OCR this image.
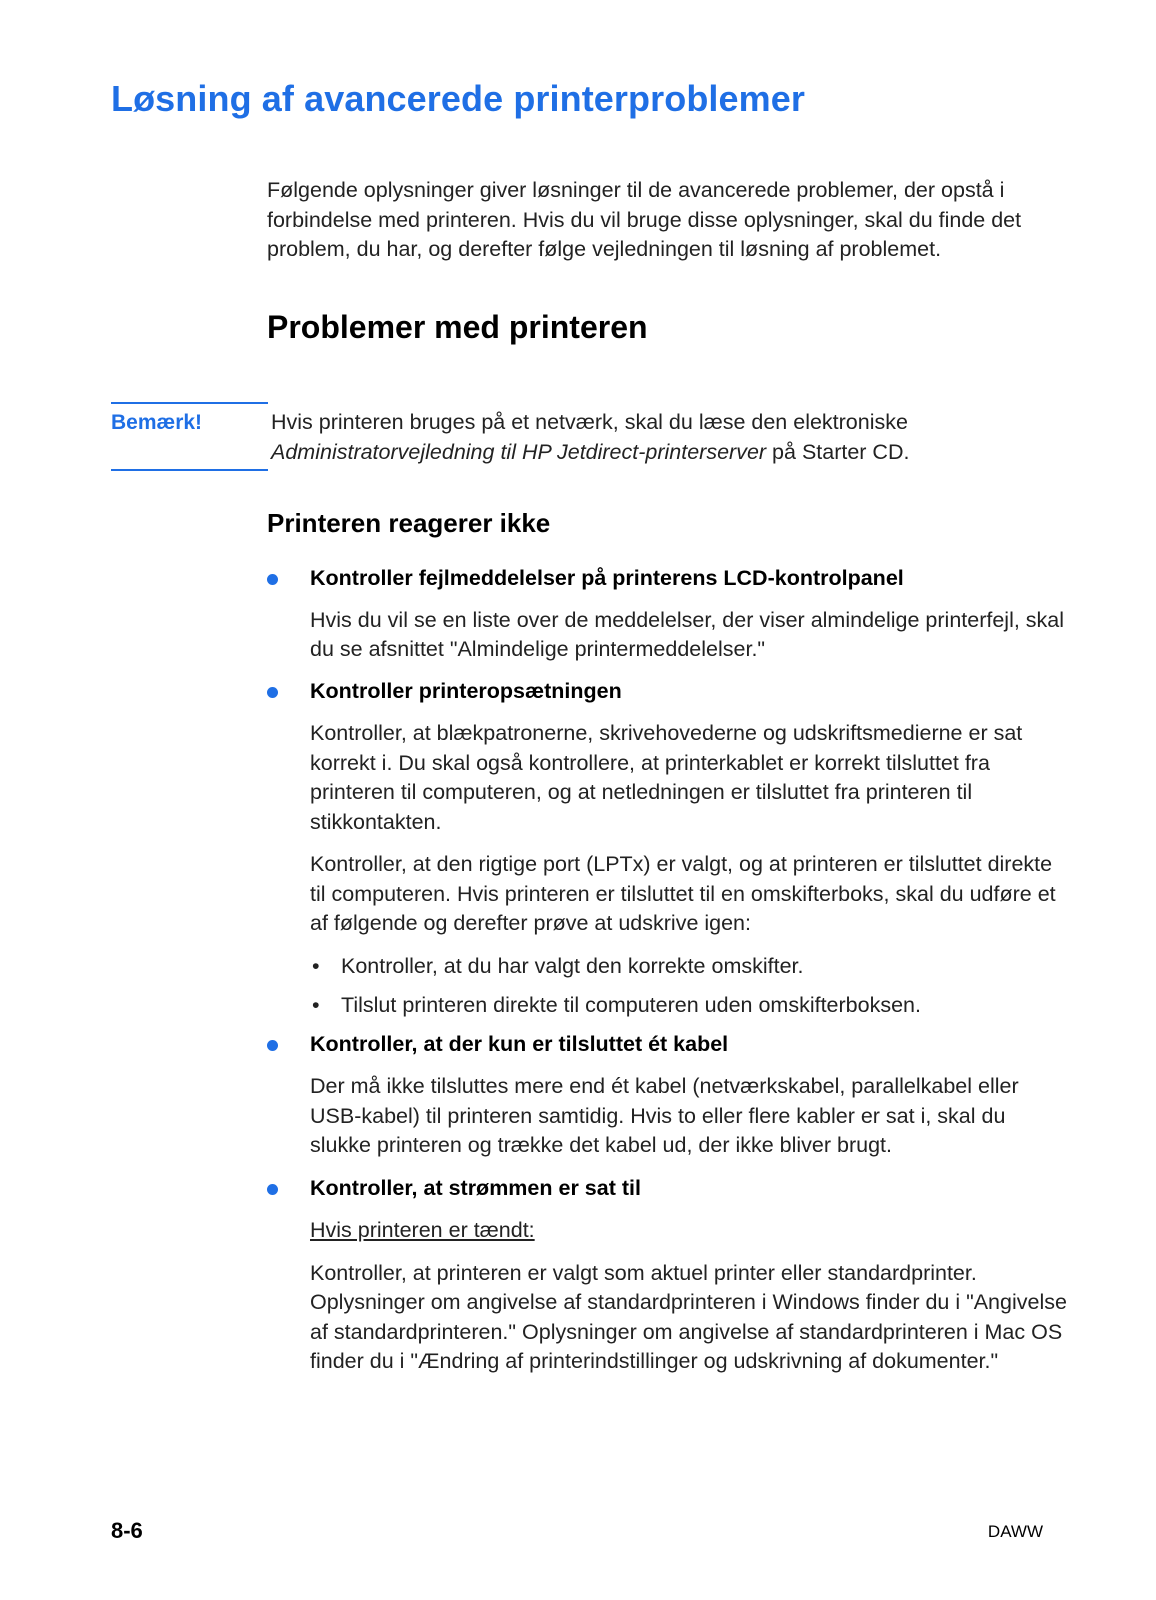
Løsning af avancerede printerproblemer

Følgende oplysninger giver løsninger til de avancerede problemer, der opstå i forbindelse med printeren. Hvis du vil bruge disse oplysninger, skal du finde det problem, du har, og derefter følge vejledningen til løsning af problemet.

Problemer med printeren
Bemærk!	Hvis printeren bruges på et netværk, skal du læse den elektroniske Administratorvejledning til HP Jetdirect-printerserver på Starter CD.
Printeren reagerer ikke
Kontroller fejlmeddelelser på printerens LCD-kontrolpanel

Hvis du vil se en liste over de meddelelser, der viser almindelige printerfejl, skal du se afsnittet "Almindelige printermeddelelser."

Kontroller printeropsætningen

Kontroller, at blækpatronerne, skrivehovederne og udskriftsmedierne er sat korrekt i. Du skal også kontrollere, at printerkablet er korrekt tilsluttet fra printeren til computeren, og at netledningen er tilsluttet fra printeren til stikkontakten.

Kontroller, at den rigtige port (LPTx) er valgt, og at printeren er tilsluttet direkte til computeren. Hvis printeren er tilsluttet til en omskifterboks, skal du udføre et af følgende og derefter prøve at udskrive igen:

• Kontroller, at du har valgt den korrekte omskifter.
• Tilslut printeren direkte til computeren uden omskifterboksen.
Kontroller, at der kun er tilsluttet ét kabel

Der må ikke tilsluttes mere end ét kabel (netværkskabel, parallelkabel eller USB-kabel) til printeren samtidig. Hvis to eller flere kabler er sat i, skal du slukke printeren og trække det kabel ud, der ikke bliver brugt.

Kontroller, at strømmen er sat til

Hvis printeren er tændt:

Kontroller, at printeren er valgt som aktuel printer eller standardprinter. Oplysninger om angivelse af standardprinteren i Windows finder du i "Angivelse af standardprinteren." Oplysninger om angivelse af standardprinteren i Mac OS finder du i "Ændring af printerindstillinger og udskrivning af dokumenter."

8-6	DAWW
